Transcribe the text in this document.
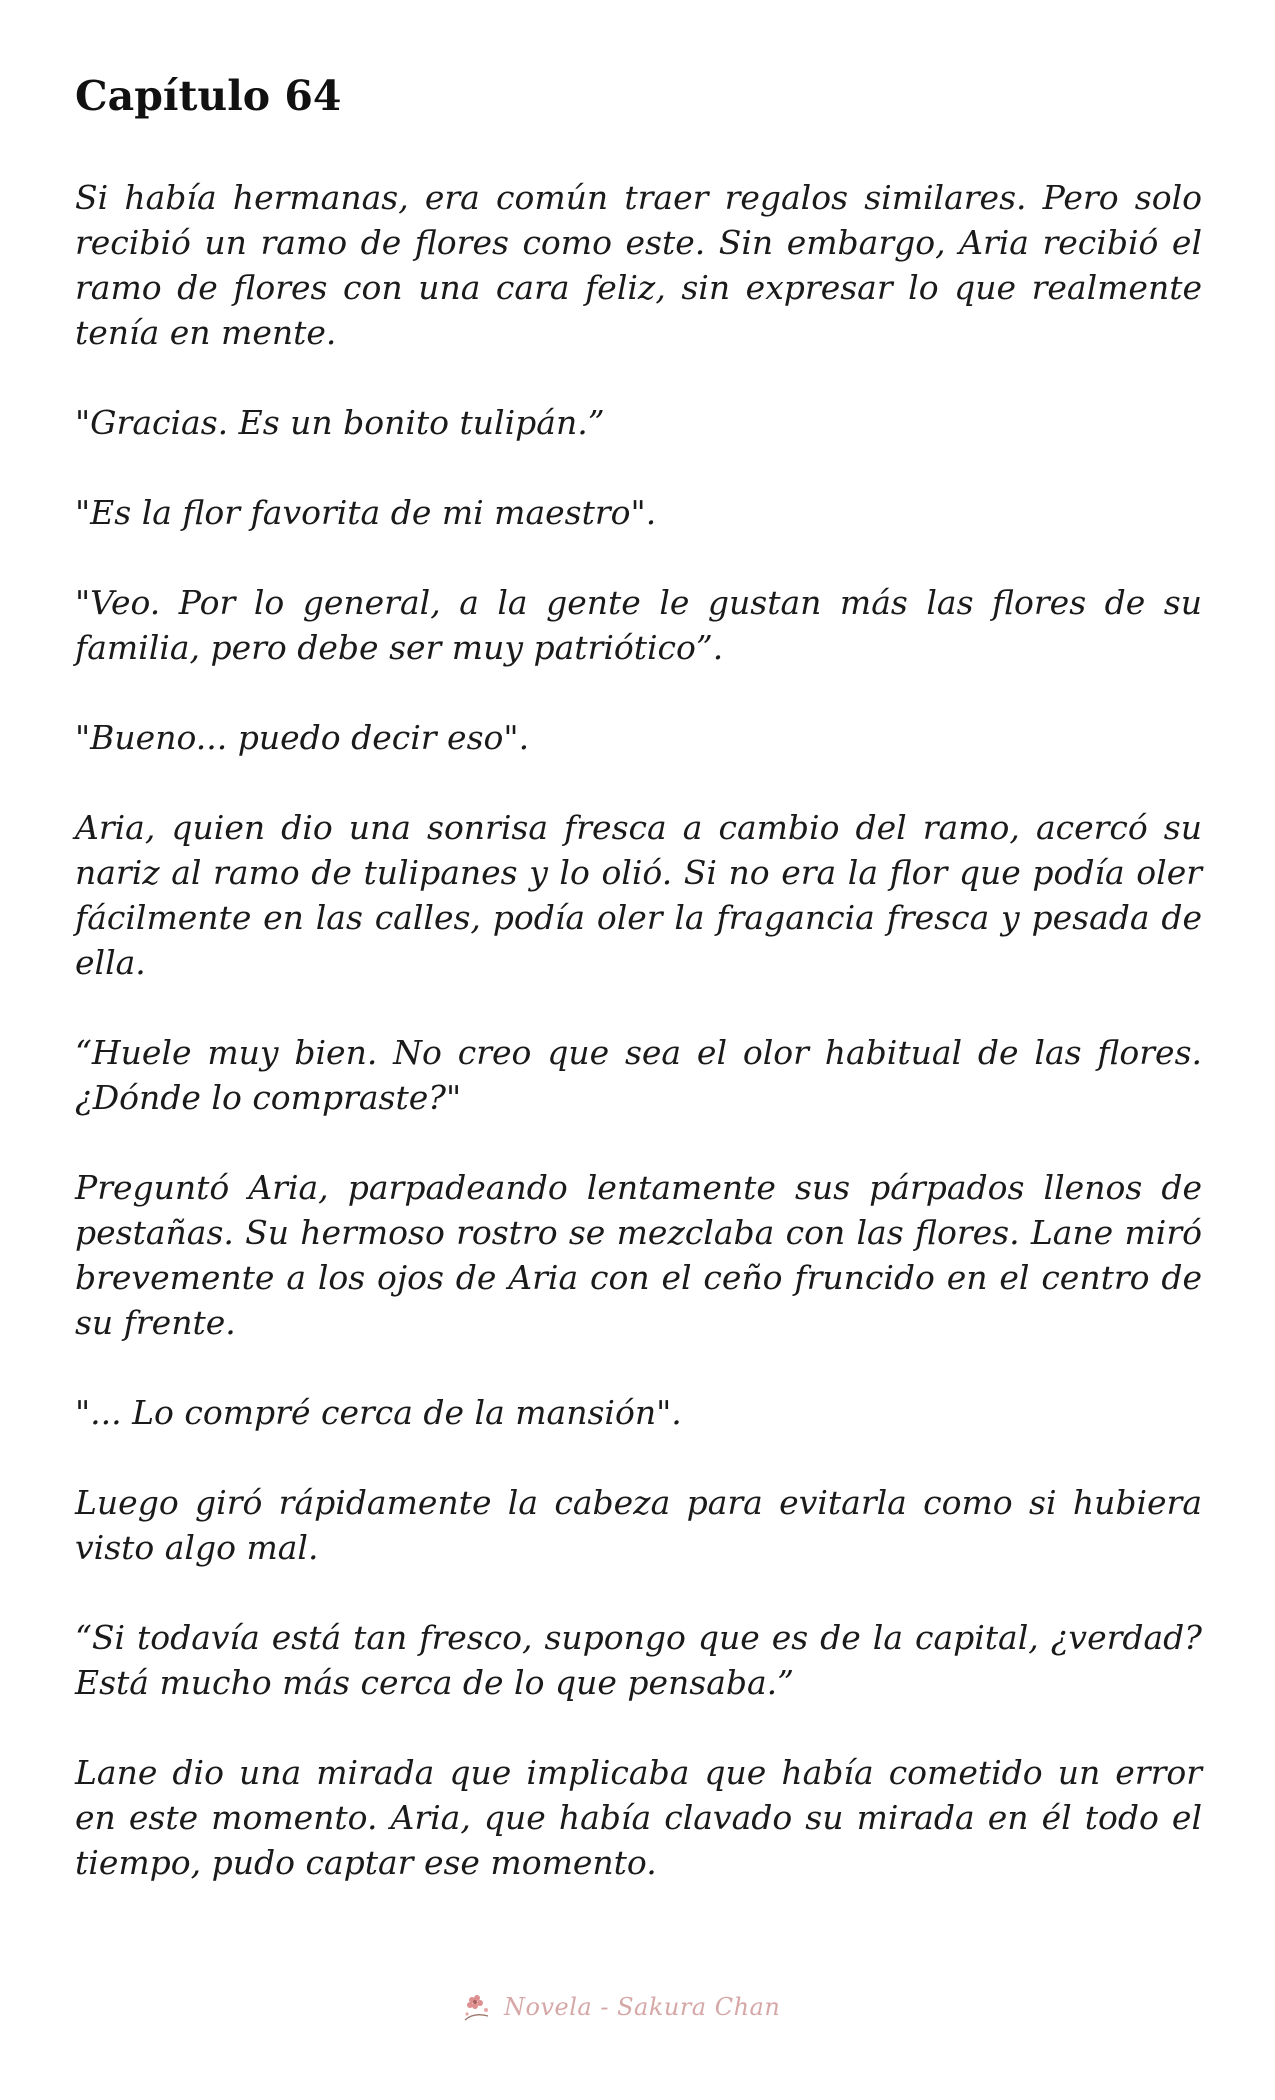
Capítulo 64

Si había hermanas, era común traer regalos similares. Pero solo recibió un ramo de flores como este. Sin embargo, Aria recibió el ramo de flores con una cara feliz, sin expresar lo que realmente tenía en mente.

"Gracias. Es un bonito tulipán.”

"Es la flor favorita de mi maestro".

"Veo. Por lo general, a la gente le gustan más las flores de su familia, pero debe ser muy patriótico”.

"Bueno... puedo decir eso".

Aria, quien dio una sonrisa fresca a cambio del ramo, acercó su nariz al ramo de tulipanes y lo olió. Si no era la flor que podía oler fácilmente en las calles, podía oler la fragancia fresca y pesada de ella.

“Huele muy bien. No creo que sea el olor habitual de las flores. ¿Dónde lo compraste?"

Preguntó Aria, parpadeando lentamente sus párpados llenos de pestañas. Su hermoso rostro se mezclaba con las flores. Lane miró brevemente a los ojos de Aria con el ceño fruncido en el centro de su frente.

"... Lo compré cerca de la mansión".

Luego giró rápidamente la cabeza para evitarla como si hubiera visto algo mal.

“Si todavía está tan fresco, supongo que es de la capital, ¿verdad? Está mucho más cerca de lo que pensaba.”

Lane dio una mirada que implicaba que había cometido un error en este momento. Aria, que había clavado su mirada en él todo el tiempo, pudo captar ese momento.

Novela - Sakura Chan
